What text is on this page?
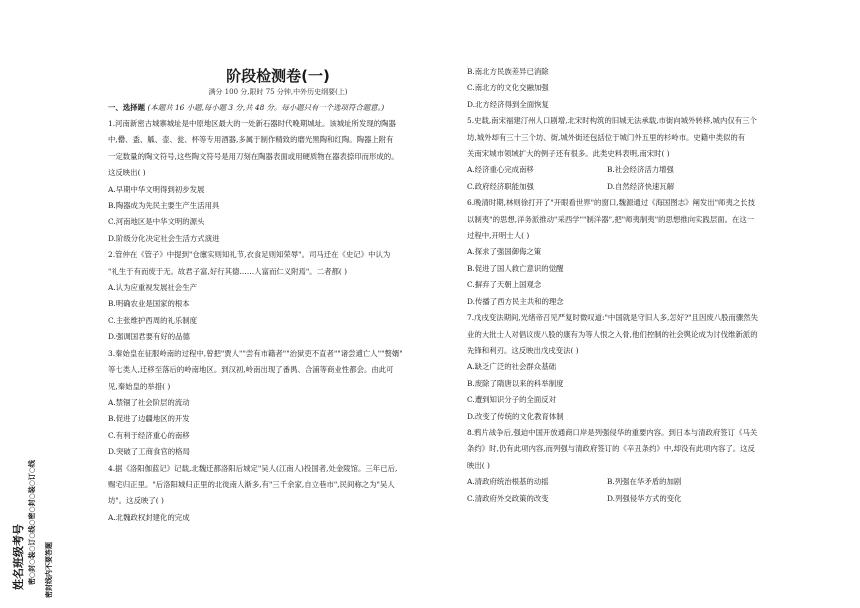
阶段检测卷(一)
满分 100 分,限时 75 分钟,中外历史纲要(上)
一、选择题 (本题共 16 小题,每小题 3 分,共 48 分。每小题只有一个选项符合题意。)
1.河南新密古城寨城址是中原地区最大的一处新石器时代晚期城址。该城址所发现的陶器
中,罍、盉、觚、壶、瓮、杯等专用酒器,多属于制作精致的磨光黑陶和红陶。陶器上附有
一定数量的陶文符号,这些陶文符号是用刀刻在陶器表面或用硬质物在器表捺印而形成的。
这反映出( )
A.早期中华文明得到初步发展
B.陶器成为先民主要生产生活用具
C.河南地区是中华文明的源头
D.阶级分化决定社会生活方式演进
2.管仲在《管子》中提到"仓廪实则知礼节,衣食足则知荣辱"。司马迁在《史记》中认为
"礼生于有而废于无。故君子富,好行其德……人富而仁义附焉"。二者都( )
A.认为应重视发展社会生产
B.明确农业是国家的根本
C.主张维护西周的礼乐制度
D.强调国君要有好的品德
3.秦始皇在征服岭南的过程中,曾把"贾人""尝有市籍者""治狱吏不直者""诸尝逋亡人""赘婿"
等七类人,迁移至落后的岭南地区。到汉初,岭南出现了番禺、合浦等商业性都会。由此可
见,秦始皇的举措( )
A.禁锢了社会阶层的流动
B.促进了边疆地区的开发
C.有利于经济重心的南移
D.突破了工商食官的格局
4.据《洛阳伽蓝记》记载,北魏迁都洛阳后城定"吴人(江南人)投国者,处金陵馆。三年已后,
赐宅归正里。"后洛阳城归正里的北徙南人渐多,有"三千余家,自立巷市",民间称之为"吴人
坊"。这反映了( )
A.北魏政权封建化的完成
B.南北方民族差异已消除
C.南北方的文化交融加强
D.北方经济得到全面恢复
5.史载,南宋福建汀州人口剧增,北宋时构筑的旧城无法承载,市街向城外转移,城内仅有三个
坊,城外却有三十三个坊、街,城外街还包括位于城门外五里的杉岭市。史籍中类似的有
关南宋城市领域扩大的例子还有很多。此类史料表明,南宋时( )
A.经济重心完成南移	B.社会经济活力增强
C.政府经济职能加强	D.自然经济快速瓦解
6.晚清时期,林则徐打开了"开眼看世界"的窗口,魏源通过《海国图志》阐发出"师夷之长技
以制夷"的思想,洋务派推动"采西学""制洋器",把"师夷制夷"的思想推向实践层面。在这一
过程中,开明士人( )
A.探求了强国御侮之策
B.促进了国人救亡意识的觉醒
C.摒弃了天朝上国观念
D.传播了西方民主共和的理念
7.戊戌变法期间,光绪帝召见严复时微叹道:"中国就是守旧人多,怎好?"且因废八股而骤然失
业的大批士人对倡议废八股的康有为等人恨之入骨,他们控制的社会舆论成为讨伐维新派的
先锋和利刃。这反映出戊戌变法( )
A.缺乏广泛的社会群众基础
B.废除了隋唐以来的科举制度
C.遭到知识分子的全面反对
D.改变了传统的文化教育体制
8.鸦片战争后,强迫中国开放通商口岸是列强侵华的重要内容。到日本与清政府签订《马关
条约》时,仍有此项内容,而列强与清政府签订的《辛丑条约》中,却没有此项内容了。这反
映出( )
A.清政府统治根基的动摇	B.列强在华矛盾的加剧
C.清政府外交政策的改变	D.列强侵华方式的变化
姓名班级考号 密○封○装○订○线○密○封○装○订○线 密封线内不要答题
